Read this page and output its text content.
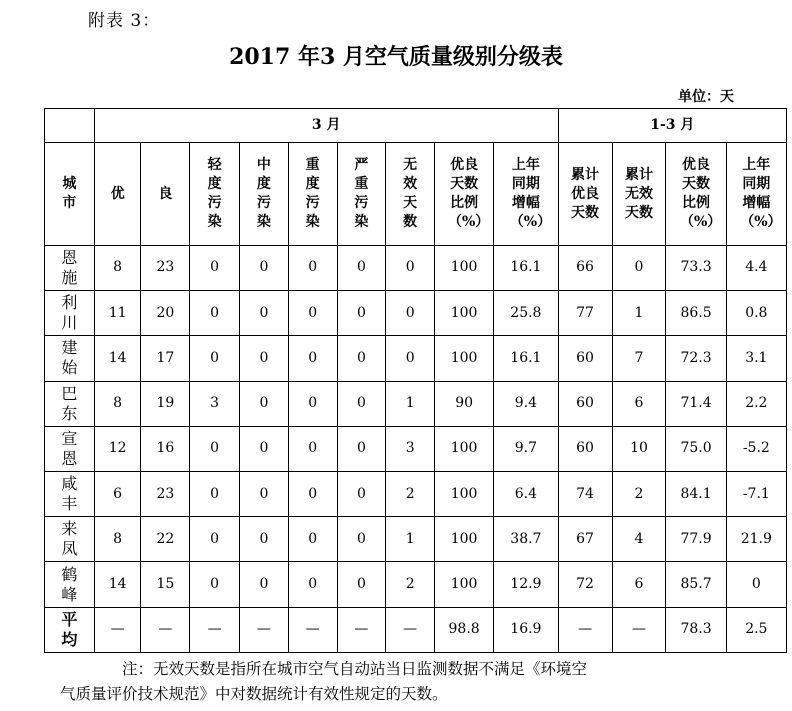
附表 3：
2017 年3 月空气质量级别分级表
单位：天
	3 月									1-3 月			
城市	优	良	轻度污染	中度污染	重度污染	严重污染	无效天数	优良天数比例（%）	上年同期增幅（%）	累计优良天数	累计无效天数	优良天数比例（%）	上年同期增幅（%）
恩施	8	23	0	0	0	0	0	100	16.1	66	0	73.3	4.4
利川	11	20	0	0	0	0	0	100	25.8	77	1	86.5	0.8
建始	14	17	0	0	0	0	0	100	16.1	60	7	72.3	3.1
巴东	8	19	3	0	0	0	1	90	9.4	60	6	71.4	2.2
宣恩	12	16	0	0	0	0	3	100	9.7	60	10	75.0	-5.2
咸丰	6	23	0	0	0	0	2	100	6.4	74	2	84.1	-7.1
来凤	8	22	0	0	0	0	1	100	38.7	67	4	77.9	21.9
鹤峰	14	15	0	0	0	0	2	100	12.9	72	6	85.7	0
平均	—	—	—	—	—	—	—	98.8	16.9	—	—	78.3	2.5
注：无效天数是指所在城市空气自动站当日监测数据不满足《环境空
气质量评价技术规范》中对数据统计有效性规定的天数。
